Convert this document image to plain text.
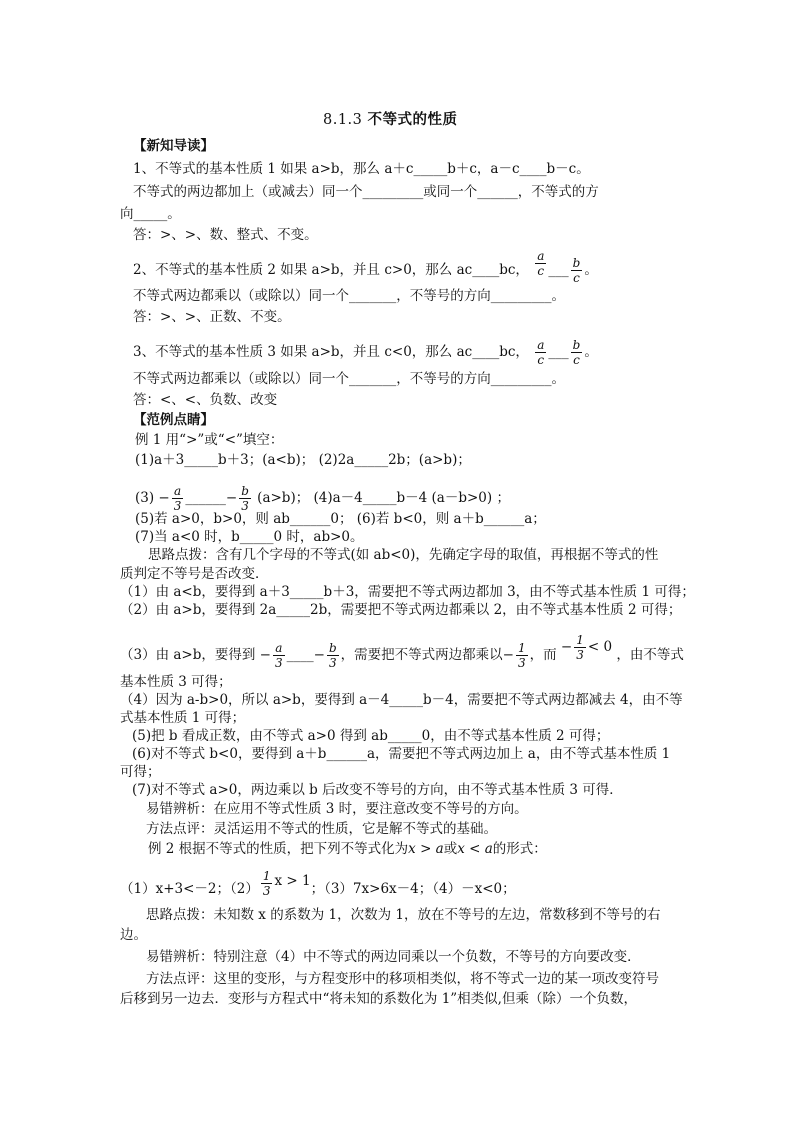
8.1.3 不等式的性质
【新知导读】
1、不等式的基本性质 1 如果 a>b，那么 a＋c_____b＋c，a－c____b－c。
不等式的两边都加上（或减去）同一个_________或同一个______，不等式的方
向_____。
答：>、>、数、整式、不变。
2、不等式的基本性质 2 如果 a>b，并且 c>0，那么 ac____bc， $\frac{a}{c}$ ___ $\frac{b}{c}$ 。
不等式两边都乘以（或除以）同一个_______，不等号的方向_________。
答：>、>、正数、不变。
3、不等式的基本性质 3 如果 a>b，并且 c<0，那么 ac____bc， $\frac{a}{c}$ ___ $\frac{b}{c}$ 。
不等式两边都乘以（或除以）同一个_______，不等号的方向_________。
答：<、<、负数、改变
【范例点睛】
例 1 用“>”或“<”填空：
(1)a＋3_____b＋3；(a<b)； (2)2a_____2b；(a>b)；
$(3) - \frac{a}{3}$ ______− $\frac{b}{3} (a>b)$； (4)a－4_____b－4 (a－b>0) ；
(5)若 a>0，b>0，则 ab______0； (6)若 b<0，则 a＋b______a；
(7)当 a<0 时，b_____0 时，ab>0。
思路点拨：含有几个字母的不等式(如 ab<0)，先确定字母的取值，再根据不等式的性
质判定不等号是否改变．
（1）由 a<b，要得到 a＋3_____b＋3，需要把不等式两边都加 3，由不等式基本性质 1 可得；
（2）由 a>b，要得到 2a_____2b，需要把不等式两边都乘以 2，由不等式基本性质 2 可得；
（3）由 a>b，要得到 − $\frac{a}{3}$ ____− $\frac{b}{3}$ ，需要把不等式两边都乘以− $\frac{1}{3}$ ，而 − $\frac{1}{3} < 0$ ，由不等式
基本性质 3 可得；
（4）因为 a-b>0，所以 a>b，要得到 a－4_____b－4，需要把不等式两边都减去 4，由不等
式基本性质 1 可得；
(5)把 b 看成正数，由不等式 a>0 得到 ab_____0，由不等式基本性质 2 可得；
(6)对不等式 b<0，要得到 a＋b______a，需要把不等式两边加上 a，由不等式基本性质 1
可得；
(7)对不等式 a>0，两边乘以 b 后改变不等号的方向，由不等式基本性质 3 可得．
易错辨析：在应用不等式性质 3 时，要注意改变不等号的方向。
方法点评：灵活运用不等式的性质，它是解不等式的基础。
例 2 根据不等式的性质，把下列不等式化为x > a或x < a的形式：
（1）x+3<－2；$(2) \frac{1}{3}$ x > 1；（3）7x>6x－4；（4）－x<0；
思路点拨：未知数 x 的系数为 1，次数为 1，放在不等号的左边，常数移到不等号的右
边。
易错辨析：特别注意（4）中不等式的两边同乘以一个负数，不等号的方向要改变．
方法点评：这里的变形，与方程变形中的移项相类似，将不等式一边的某一项改变符号
后移到另一边去．变形与方程式中“将未知的系数化为 1”相类似,但乘（除）一个负数，
